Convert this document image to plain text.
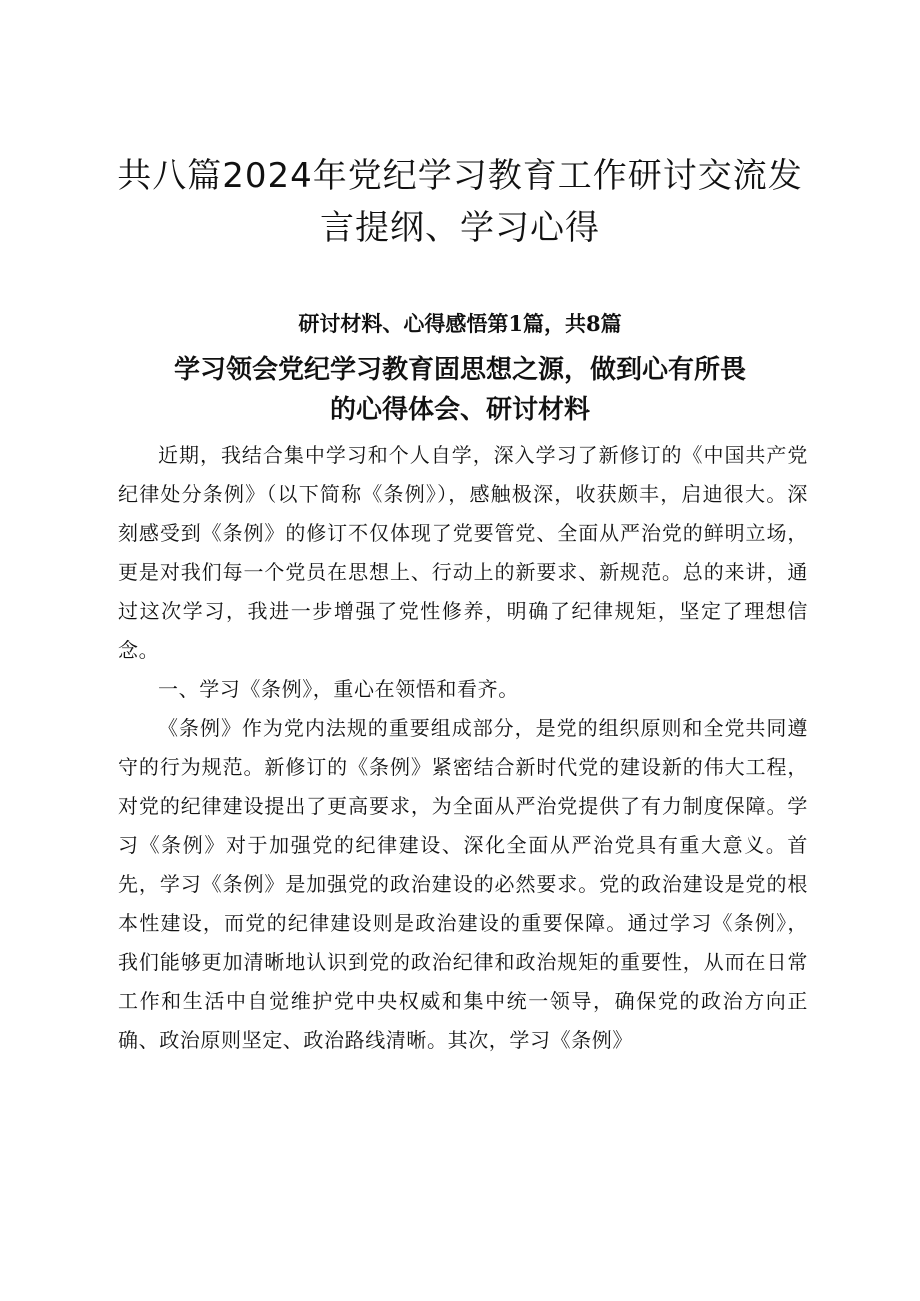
共八篇2024年党纪学习教育工作研讨交流发
言提纲、学习心得
研讨材料、心得感悟第1篇，共8篇
学习领会党纪学习教育固思想之源，做到心有所畏
的心得体会、研讨材料

近期，我结合集中学习和个人自学，深入学习了新修订的《中国共产党纪律处分条例》（以下简称《条例》），感触极深，收获颇丰，启迪很大。深刻感受到《条例》的修订不仅体现了党要管党、全面从严治党的鲜明立场，更是对我们每一个党员在思想上、行动上的新要求、新规范。总的来讲，通过这次学习，我进一步增强了党性修养，明确了纪律规矩，坚定了理想信念。

一、学习《条例》，重心在领悟和看齐。

《条例》作为党内法规的重要组成部分，是党的组织原则和全党共同遵守的行为规范。新修订的《条例》紧密结合新时代党的建设新的伟大工程，对党的纪律建设提出了更高要求，为全面从严治党提供了有力制度保障。学习《条例》对于加强党的纪律建设、深化全面从严治党具有重大意义。首先，学习《条例》是加强党的政治建设的必然要求。党的政治建设是党的根本性建设，而党的纪律建设则是政治建设的重要保障。通过学习《条例》，我们能够更加清晰地认识到党的政治纪律和政治规矩的重要性，从而在日常工作和生活中自觉维护党中央权威和集中统一领导，确保党的政治方向正确、政治原则坚定、政治路线清晰。其次，学习《条例》
